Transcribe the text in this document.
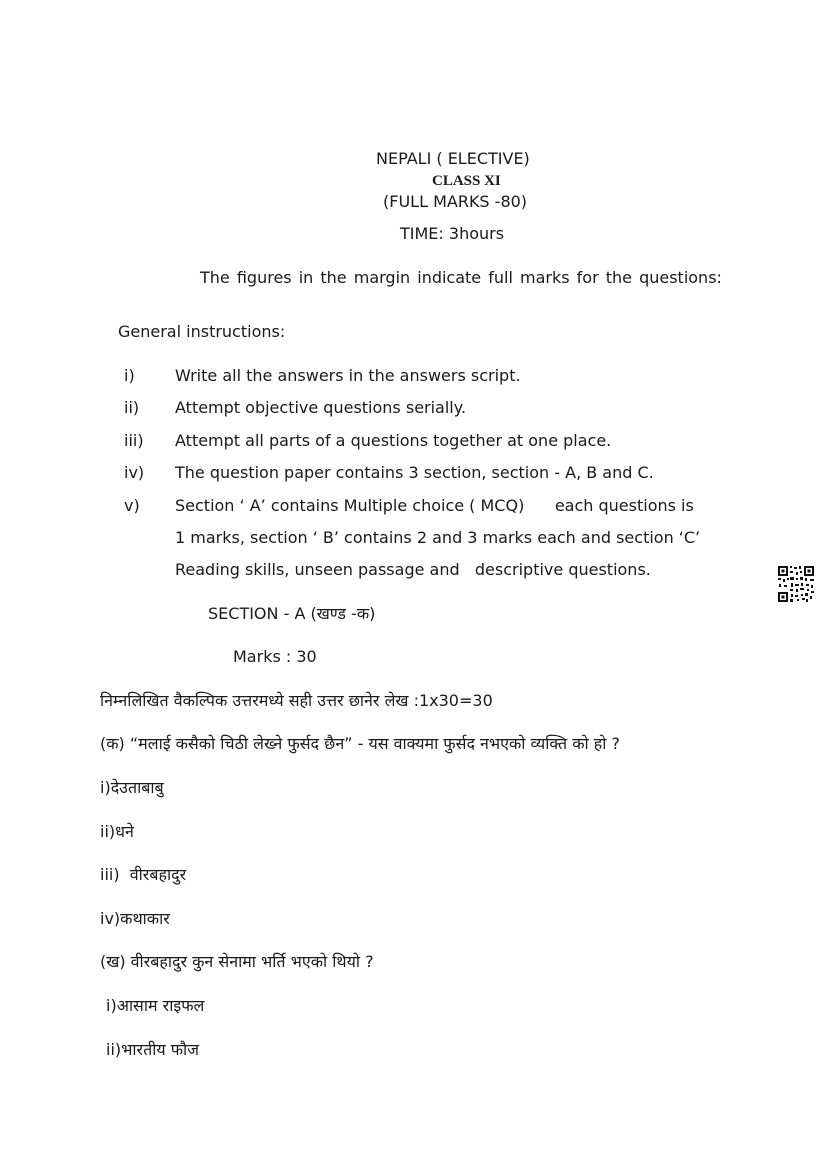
NEPALI ( ELECTIVE)
CLASS XI
(FULL MARKS -80)
TIME: 3hours
The figures in the margin indicate full marks for the questions:
General instructions:
i)	Write all the answers in the answers script.
ii)	Attempt objective questions serially.
iii)	Attempt all parts of a questions together at one place.
iv)	The question paper contains 3 section, section - A, B and C.
v)	Section ‘ A’ contains Multiple choice ( MCQ)      each questions is
1 marks, section ‘ B’ contains 2 and 3 marks each and section ‘C’
Reading skills, unseen passage and   descriptive questions.
SECTION - A (खण्ड -क)
Marks : 30
निम्नलिखित वैकल्पिक उत्तरमध्ये सही उत्तर छानेर लेख :1x30=30
(क) “मलाई कसैको चिठी लेख्ने फुर्सद छैन” - यस वाक्यमा फुर्सद नभएको व्यक्ति को हो ?
i)देउताबाबु
ii)धने
iii)  वीरबहादुर
iv)कथाकार
(ख) वीरबहादुर कुन सेनामा भर्ति भएको थियो ?
i)आसाम राइफल
ii)भारतीय फौज
